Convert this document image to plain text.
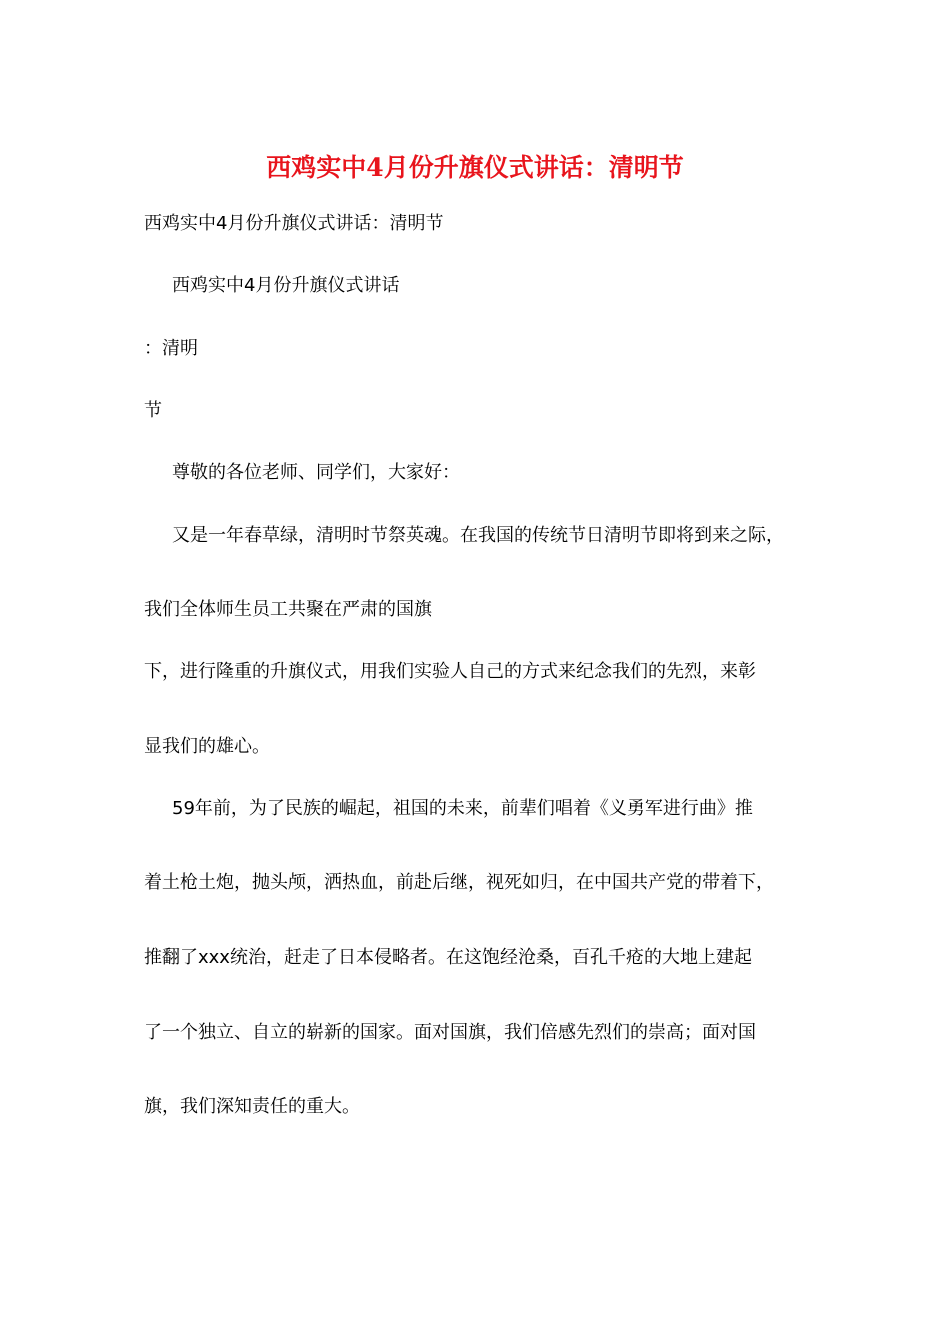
西鸡实中4月份升旗仪式讲话：清明节
西鸡实中4月份升旗仪式讲话：清明节
西鸡实中4月份升旗仪式讲话
：清明
节
尊敬的各位老师、同学们，大家好：
又是一年春草绿，清明时节祭英魂。在我国的传统节日清明节即将到来之际，
我们全体师生员工共聚在严肃的国旗
下，进行隆重的升旗仪式，用我们实验人自己的方式来纪念我们的先烈，来彰
显我们的雄心。
59年前，为了民族的崛起，祖国的未来，前辈们唱着《义勇军进行曲》推
着土枪土炮，抛头颅，洒热血，前赴后继，视死如归，在中国共产党的带着下，
推翻了xxx统治，赶走了日本侵略者。在这饱经沧桑，百孔千疮的大地上建起
了一个独立、自立的崭新的国家。面对国旗，我们倍感先烈们的崇高；面对国
旗，我们深知责任的重大。
